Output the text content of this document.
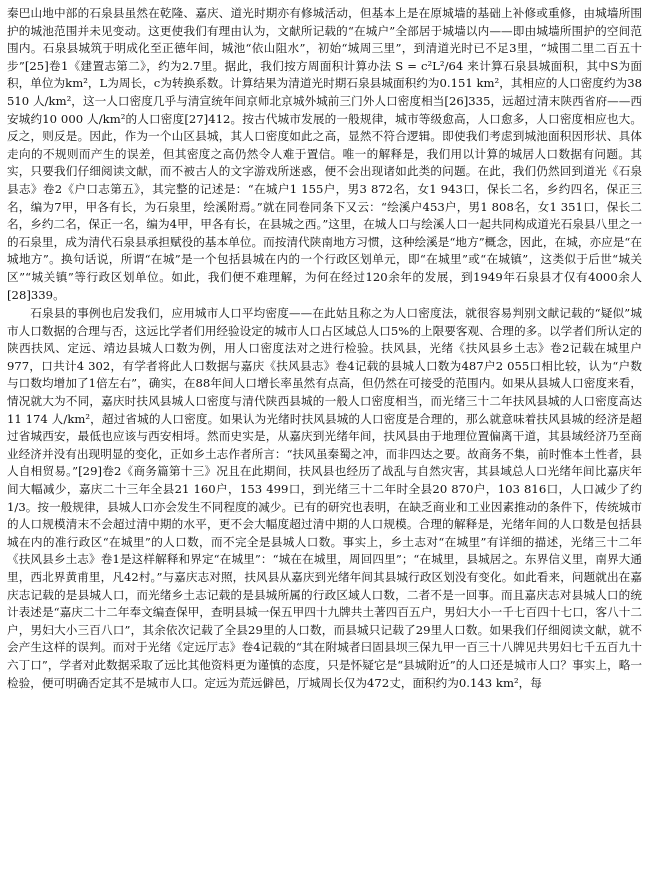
秦巴山地中部的石泉县虽然在乾隆、嘉庆、道光时期亦有修城活动，但基本上是在原城墙的基础上补修或重修，由城墙所围护的城池范围并未见变动。这更使我们有理由认为，文献所记载的“在城户”全部居于城墙以内——即由城墙所围护的空间范围内。石泉县城筑于明成化至正德年间，城池“依山阻水”，初始“城周三里”，到清道光时已不足3里，“城围二里二百五十步”[25]卷1《建置志第二》，约为2.7里。据此，我们按方周面积计算办法 S = c²L²/64 来计算石泉县城面积，其中S为面积，单位为km²，L为周长，c为转换系数。计算结果为清道光时期石泉县城面积约为0.151 km²，其相应的人口密度约为38 510 人/km²，这一人口密度几乎与清宣统年间京师北京城外城前三门外人口密度相当[26]335，远超过清末陕西省府——西安城约10 000 人/km²的人口密度[27]412。按古代城市发展的一般规律，城市等级愈高，人口愈多，人口密度相应也大。反之，则反是。因此，作为一个山区县城，其人口密度如此之高，显然不符合逻辑。即使我们考虑到城池面积因形状、具体走向的不规则而产生的误差，但其密度之高仍然令人难于置信。唯一的解释是，我们用以计算的城居人口数据有问题。其实，只要我们仔细阅读文献，而不被古人的文字游戏所迷惑，便不会出现诸如此类的问题。在此，我们仍然回到道光《石泉县志》卷2《户口志第五》，其完整的记述是：“在城户1 155户，男3 872名，女1 943口，保长二名，乡约四名，保正三名，编为7甲，甲各有长，为石泉里，绘溪附焉。”就在同卷同条下又云：“绘溪户453户，男1 808名，女1 351口，保长二名，乡约二名，保正一名，编为4甲，甲各有长，在县城之西。”这里，在城人口与绘溪人口一起共同构成道光石泉县八里之一的石泉里，成为清代石泉县承担赋役的基本单位。而按清代陕南地方习惯，这种绘溪是“地方”概念，因此，在城，亦应是“在城地方”。换句话说，所谓“在城”是一个包括县城在内的一个行政区划单元，即“在城里”或“在城镇”，这类似于后世“城关区”“城关镇”等行政区划单位。如此，我们便不难理解，为何在经过120余年的发展，到1949年石泉县才仅有4000余人[28]339。

石泉县的事例也启发我们，应用城市人口平均密度——在此姑且称之为人口密度法，就很容易判别文献记载的“疑似”城市人口数据的合理与否，这远比学者们用经验设定的城市人口占区域总人口5%的上限要客观、合理的多。以学者们所认定的陕西扶风、定远、靖边县城人口数为例，用人口密度法对之进行检验。扶风县，光绪《扶风县乡土志》卷2记载在城里户977，口共计4 302，有学者将此人口数据与嘉庆《扶风县志》卷4记载的县城人口数为487户2 055口相比较，认为“户数与口数均增加了1倍左右”，确实，在88年间人口增长率虽然有点高，但仍然在可接受的范围内。如果从县城人口密度来看，情况就大为不同，嘉庆时扶风县城人口密度与清代陕西县城的一般人口密度相当，而光绪三十二年扶风县城的人口密度高达11 174 人/km²，超过省城的人口密度。如果认为光绪时扶风县城的人口密度是合理的，那么就意味着扶风县城的经济是超过省城西安，最低也应该与西安相埒。然而史实是，从嘉庆到光绪年间，扶风县由于地理位置偏离干道，其县域经济乃至商业经济并没有出现明显的变化，正如乡土志作者所言：“扶风虽秦蜀之冲，而非四达之要。故商务不集，前时惟本土性者，县人自相贸易。”[29]卷2《商务篇第十三》况且在此期间，扶风县也经历了战乱与自然灾害，其县域总人口光绪年间比嘉庆年间大幅减少，嘉庆二十三年全县21 160户，153 499口，到光绪三十二年时全县20 870户，103 816口，人口减少了约1/3。按一般规律，县城人口亦会发生不同程度的减少。已有的研究也表明，在缺乏商业和工业因素推动的条件下，传统城市的人口规模清末不会超过清中期的水平，更不会大幅度超过清中期的人口规模。合理的解释是，光绪年间的人口数是包括县城在内的准行政区“在城里”的人口数，而不完全是县城人口数。事实上，乡土志对“在城里”有详细的描述，光绪三十二年《扶风县乡土志》卷1是这样解释和界定“在城里”：“城在在城里，周回四里”；“在城里，县城居之。东界信义里，南界大通里，西北界黄甫里，凡42村。”与嘉庆志对照，扶风县从嘉庆到光绪年间其县城行政区划没有变化。如此看来，问题就出在嘉庆志记载的是县城人口，而光绪乡土志记载的是县城所属的行政区域人口数，二者不是一回事。而且嘉庆志对县城人口的统计表述是“嘉庆二十二年奉文编查保甲，查明县城一保五甲四十九牌共土著四百五户，男妇大小一千七百四十七口，客八十二户，男妇大小三百八口”，其余依次记载了全县29里的人口数，而县城只记载了29里人口数。如果我们仔细阅读文献，就不会产生这样的误判。而对于光绪《定远厅志》卷4记载的“其在附城者曰固县坝三保九甲一百三十八牌见共男妇七千五百九十六丁口”，学者对此数据采取了远比其他资料更为谨慎的态度，只是怀疑它是“县城附近”的人口还是城市人口？事实上，略一检验，便可明确否定其不是城市人口。定远为荒远僻邑，厅城周长仅为472丈，面积约为0.143 km²，每
